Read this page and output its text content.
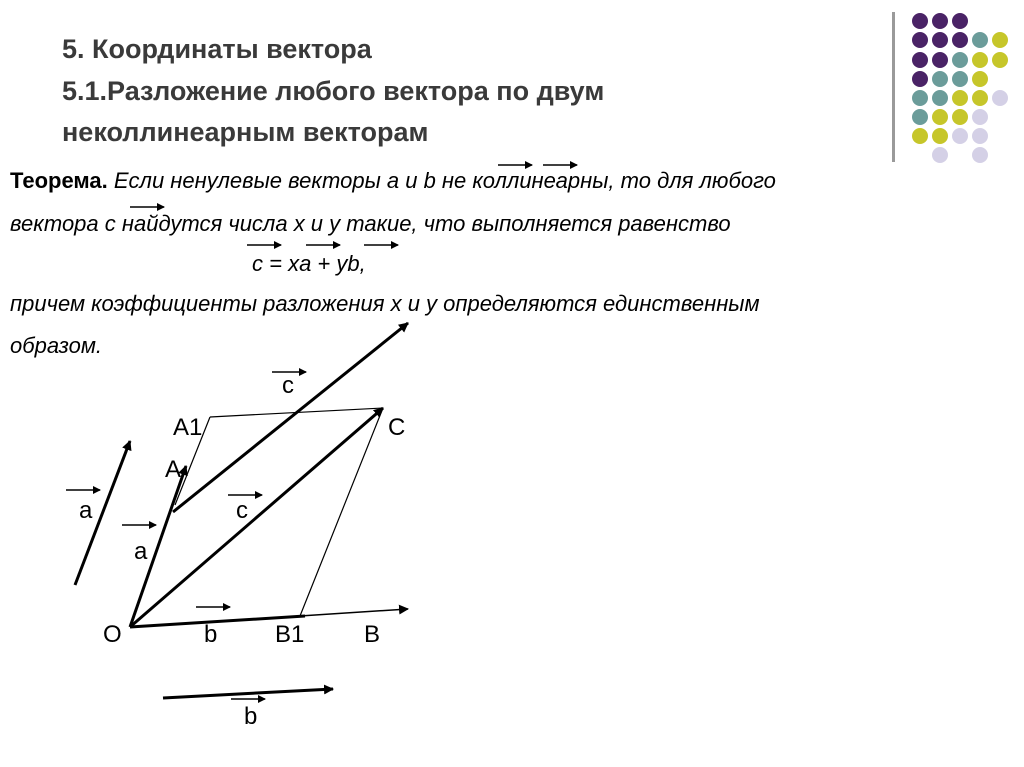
5. Координаты вектора
5.1.Разложение любого вектора по двум
неколлинеарным векторам
Теорема. Если ненулевые векторы a и b не коллинеарны, то для любого
вектора с найдутся числа x и y такие, что выполняется равенство
с = xa + yb,
причем коэффициенты разложения x и y определяются единственным
образом.
c
A1	C
A
a	c
a
O	b B1 B
b
